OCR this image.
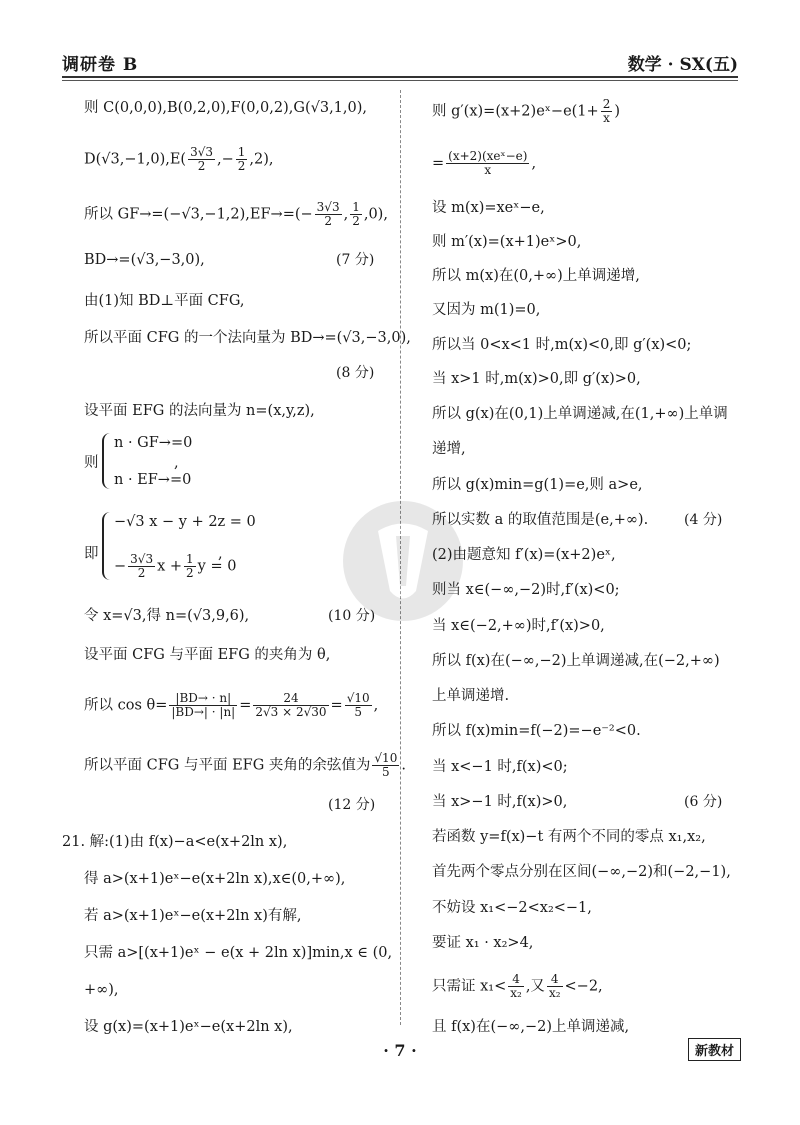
调研卷 B	数学 · SX(五)
则 C(0,0,0),B(0,2,0),F(0,0,2),G(√3,1,0),
$D(√3,-1,0),E( \frac{3√3}{2}$ ,− $\frac{1}{2} ,2$),
所以 $GF\to=(-√3,-1,2),EF\to=(- \frac{3√3}{2}$ , $\frac{1}{2} ,0$),
BD→=(√3,−3,0),	(7 分)
由(1)知 BD⊥平面 CFG,
所以平面 CFG 的一个法向量为 BD→=(√3,−3,0),
(8 分)
设平面 EFG 的法向量为 n=(x,y,z),
则
n · GF→=0
n · EF→=0
,
即
−√3 x − y + 2z = 0
− $\frac{3√3}{2}$ $x + \frac{1}{2}$ y = 0
,
令 x=√3,得 n=(√3,9,6),	(10 分)
设平面 CFG 与平面 EFG 的夹角为 θ,
所以 $\cos \theta= \frac{|BD\to \cdot n|}{|BD\to| \cdot |n|} = \frac{24}{2√3 \times 2√30} = \frac{√10}{5}$ ,
所以平面 CFG 与平面 EFG 夹角的余弦值为 $\frac{√10}{5}$ .
(12 分)
21. 解:(1)由 f(x)−a<e(x+2ln x),
得 a>(x+1)eˣ−e(x+2ln x),x∈(0,+∞),
若 a>(x+1)eˣ−e(x+2ln x)有解,
只需 a>[(x+1)eˣ − e(x + 2ln x)]min,x ∈ (0,
+∞),
设 g(x)=(x+1)eˣ−e(x+2ln x),
则 g′(x)=(x+2)eˣ−e(1+ $\frac{2}{x}$ )
= $\frac{\text{(x+2)(xeˣ−e)}}{x}$ ,
设 m(x)=xeˣ−e,
则 m′(x)=(x+1)eˣ>0,
所以 m(x)在(0,+∞)上单调递增,
又因为 m(1)=0,
所以当 0<x<1 时,m(x)<0,即 g′(x)<0;
当 x>1 时,m(x)>0,即 g′(x)>0,
所以 g(x)在(0,1)上单调递减,在(1,+∞)上单调
递增,
所以 g(x)min=g(1)=e,则 a>e,
所以实数 a 的取值范围是(e,+∞).	(4 分)
(2)由题意知 f′(x)=(x+2)eˣ,
则当 x∈(−∞,−2)时,f′(x)<0;
当 x∈(−2,+∞)时,f′(x)>0,
所以 f(x)在(−∞,−2)上单调递减,在(−2,+∞)
上单调递增.
所以 f(x)min=f(−2)=−e⁻²<0.
当 x<−1 时,f(x)<0;
当 x>−1 时,f(x)>0,	(6 分)
若函数 y=f(x)−t 有两个不同的零点 x₁,x₂,
首先两个零点分别在区间(−∞,−2)和(−2,−1),
不妨设 x₁<−2<x₂<−1,
要证 x₁ · x₂>4,
只需证 $x_1< \frac{4}{\text{x₂}}$ ,又 $\frac{4}{\text{x₂}} <-2$,
且 f(x)在(−∞,−2)上单调递减,
· 7 ·	新教材
